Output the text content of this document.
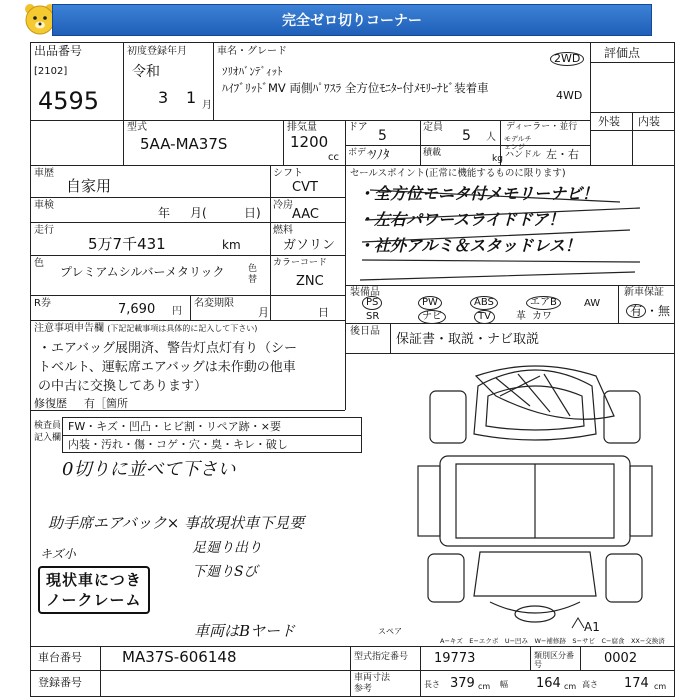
完全ゼロ切りコーナー
出品番号
[2102]
4595
初度登録年月
令和
3 1 月
車名・グレード
ｿﾘｵﾊﾞﾝﾃﾞｨｯﾄ
ﾊｲﾌﾞﾘｯﾄﾞMV 両側ﾊﾟﾜｽﾗ 全方位ﾓﾆﾀｰ付ﾒﾓﾘｰﾅﾋﾞ装着車
2WD
4WD
評価点
外装 内装
型式
5AA-MA37S
排気量
1200
cc
ドア
5
定員
5 人
ディーラー・並行
モデルチェンジ
ボディ
ｿﾉﾀ	積載
kg ハンドル 左・右
車歴
自家用
車検
年 月(	日)
走行
5万7千431	km
色
プレミアムシルバーメタリック	色替
R券	7,690 円
名変期限
月	日
シフト
CVT
冷房
AAC
燃料
ガソリン
カラーコード
ZNC
セールスポイント(正常に機能するものに限ります)
・全方位モニタ付メモリーナビ！
・左右パワースライドドア！
・社外アルミ＆スタッドレス！
装備品
PS	PW	ABS	エアB	AW
SR	ナビ	TV	革 カワ
新車保証
有 ・無
後日品
保証書・取説・ナビ取説
注意事項申告欄 (下記記載事項は具体的に記入して下さい)
・エアバッグ展開済、警告灯点灯有り（シー
トベルト、運転席エアバッグは未作動の他車
の中古に交換してあります）
修復歴 有［箇所
検査員
記入欄
FW・キズ・凹凸・ヒビ割・リペア跡・×要
内装・汚れ・傷・コゲ・穴・臭・キレ・破し
0切りに並べて下さい
助手席エアバック× 事故現状車下見要
足廻り出り
下廻りSび
キズ小
車両はBヤード
現状車につき
ノークレーム
A1
スペア
A−キズ　E−エクボ　U−凹み　W−補修跡　S−サビ　C−腐食　XX−交換済
車台番号	MA37S-606148	型式指定番号 19773	類別区分番号	0002
登録番号	車両寸法
参考	長さ 379 cm 幅 164 cm 高さ 174 cm
